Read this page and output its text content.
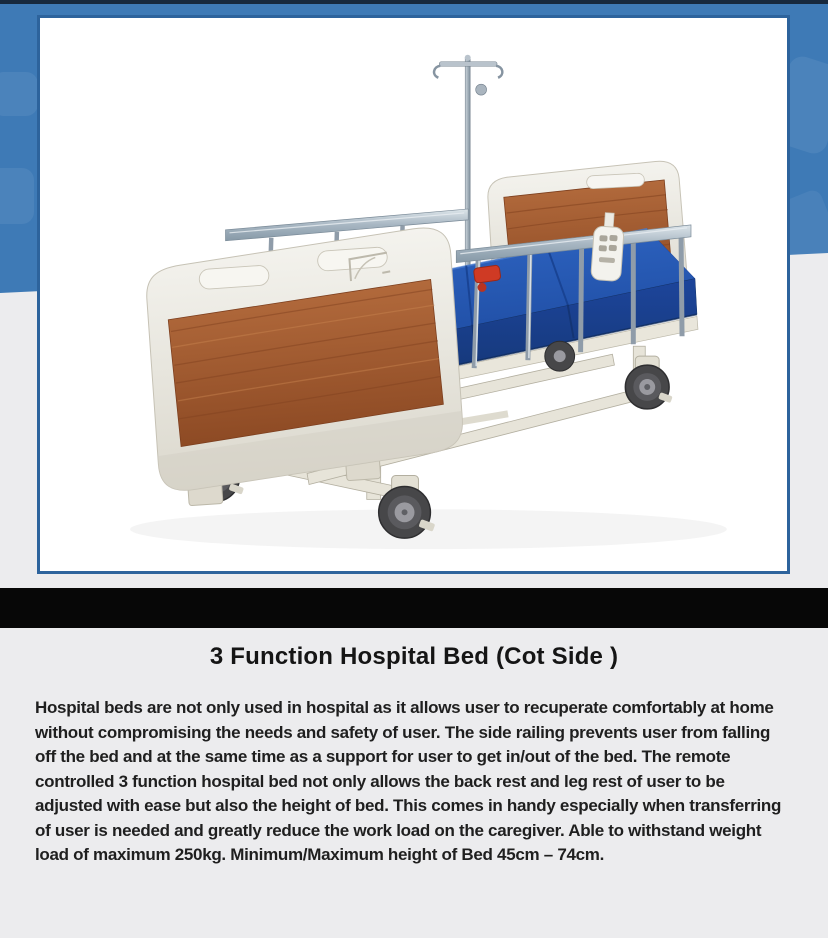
3 Function Hospital Bed (Cot Side )

Hospital beds are not only used in hospital as it allows user to recuperate comfortably at home without compromising the needs and safety of user. The side railing prevents user from falling off the bed and at the same time as a support for user to get in/out of the bed. The remote controlled 3 function hospital bed not only allows the back rest and leg rest of user to be adjusted with ease but also the height of bed. This comes in handy especially when transferring of user is needed and greatly reduce the work load on the caregiver. Able to withstand weight load of maximum 250kg. Minimum/Maximum height of Bed 45cm – 74cm.
